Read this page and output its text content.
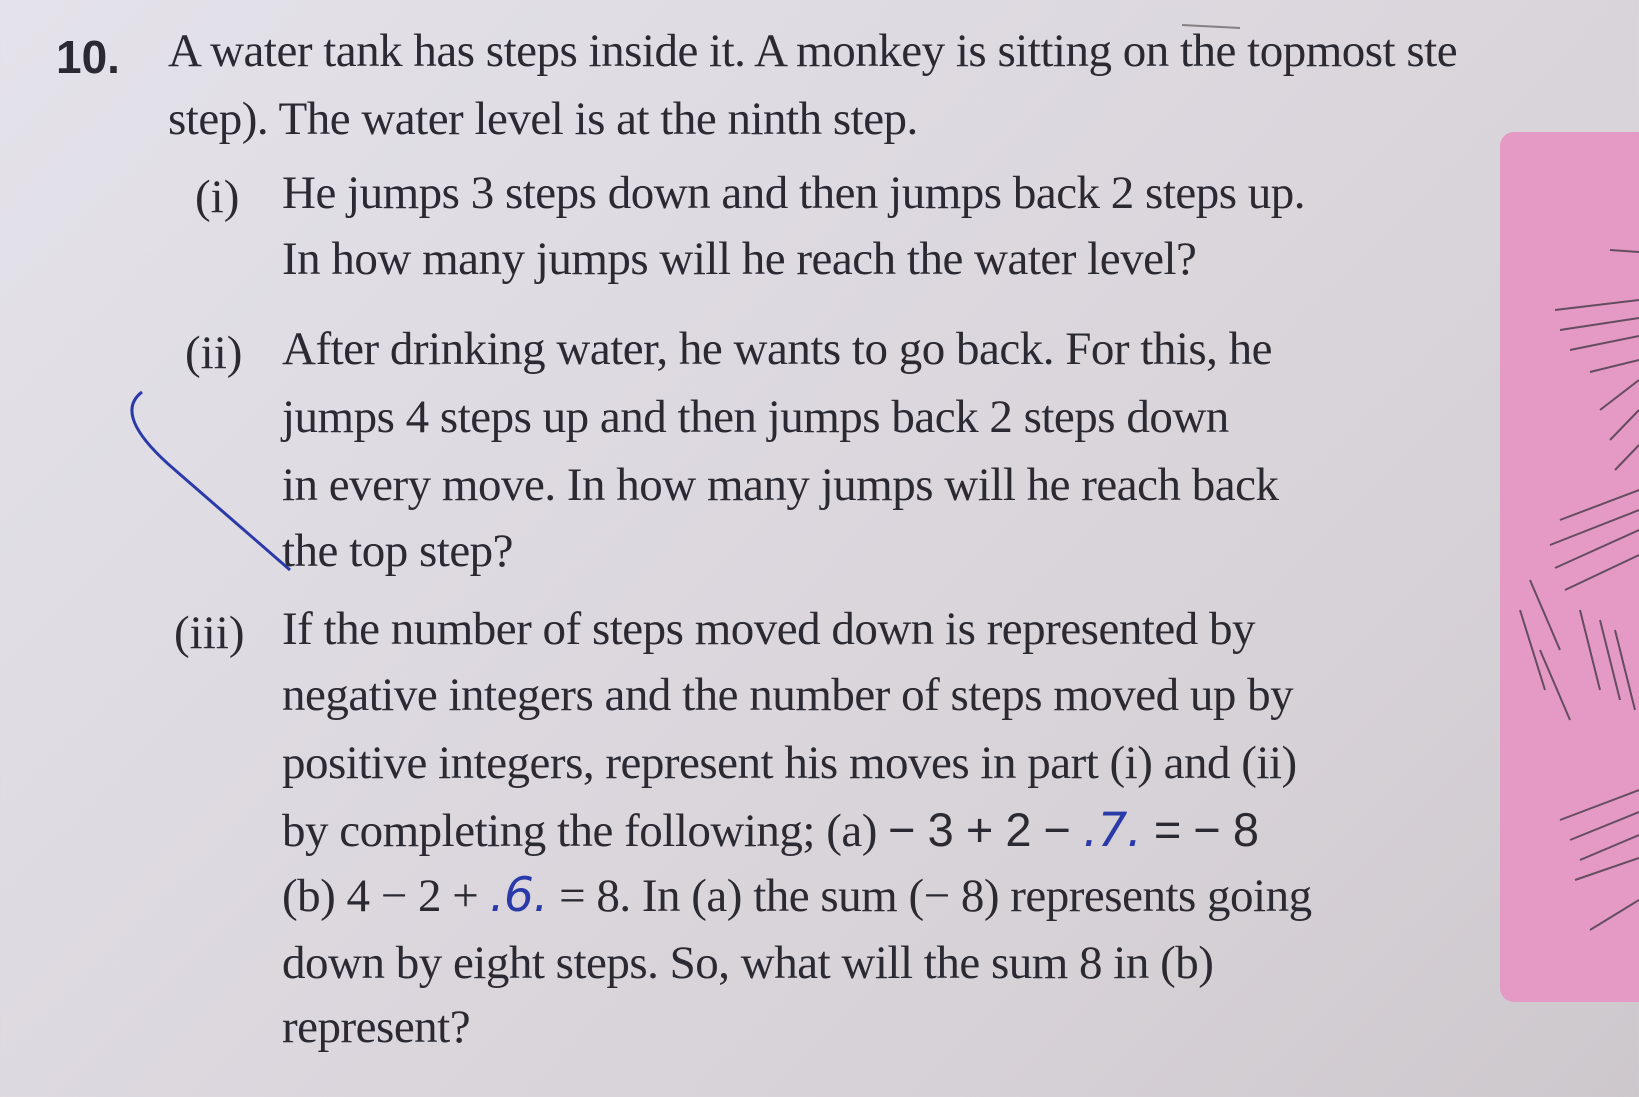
10. A water tank has steps inside it. A monkey is sitting on the topmost ste
step). The water level is at the ninth step.
(i) He jumps 3 steps down and then jumps back 2 steps up.
In how many jumps will he reach the water level?
(ii) After drinking water, he wants to go back. For this, he
jumps 4 steps up and then jumps back 2 steps down
in every move. In how many jumps will he reach back
the top step?
(iii) If the number of steps moved down is represented by
negative integers and the number of steps moved up by
positive integers, represent his moves in part (i) and (ii)
by completing the following; (a) − 3 + 2 − .7. = − 8
(b) 4 − 2 + .6. = 8. In (a) the sum (− 8) represents going
down by eight steps. So, what will the sum 8 in (b)
represent?
